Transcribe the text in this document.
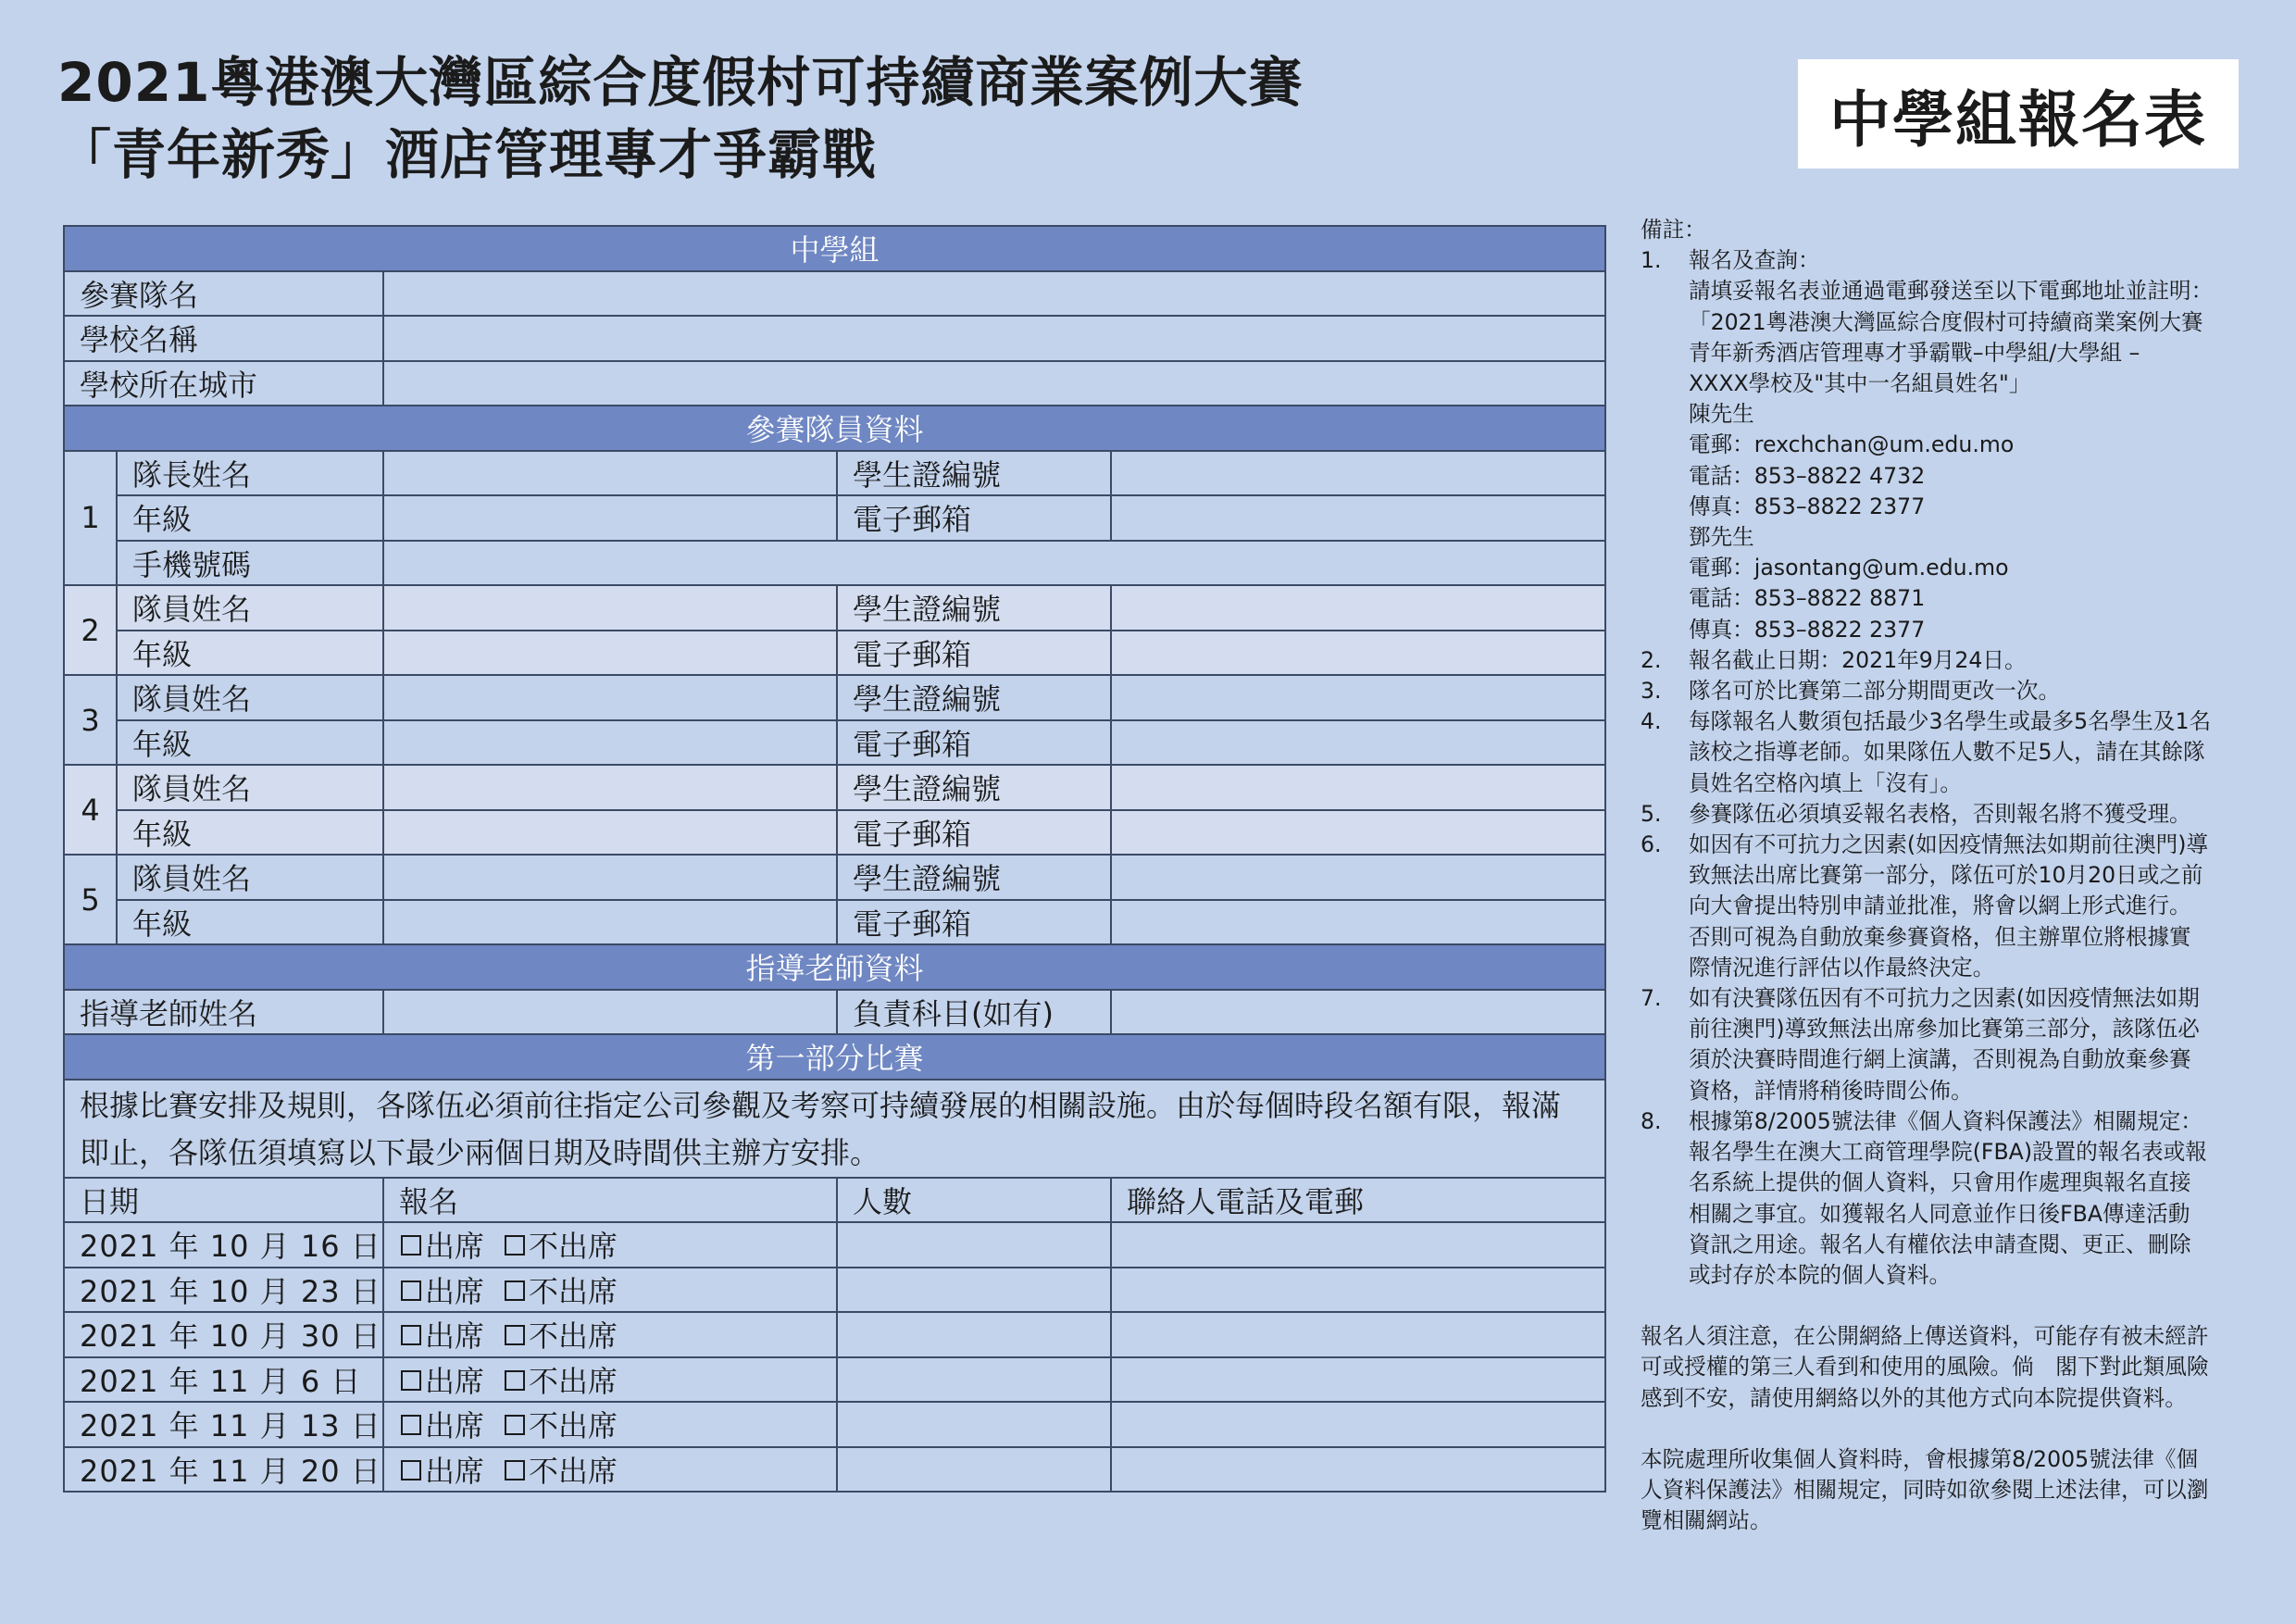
2021粵港澳大灣區綜合度假村可持續商業案例大賽
「青年新秀」酒店管理專才爭霸戰	中學組報名表
中學組				
參賽隊名				
學校名稱				
學校所在城市				
參賽隊員資料				
1	隊長姓名		學生證編號	
	年級		電子郵箱	
	手機號碼			
2	隊員姓名		學生證編號	
	年級		電子郵箱	
3	隊員姓名		學生證編號	
	年級		電子郵箱	
4	隊員姓名		學生證編號	
	年級		電子郵箱	
5	隊員姓名		學生證編號	
	年級		電子郵箱	
指導老師資料				
指導老師姓名			負責科目(如有)	
第一部分比賽				
根據比賽安排及規則，各隊伍必須前往指定公司參觀及考察可持續發展的相關設施。由於每個時段名額有限，報滿即止，各隊伍須填寫以下最少兩個日期及時間供主辦方安排。				
日期		報名	人數	聯絡人電話及電郵
2021 年 10 月 16 日		出席 不出席		
2021 年 10 月 23 日		出席 不出席		
2021 年 10 月 30 日		出席 不出席		
2021 年 11 月 6 日		出席 不出席		
2021 年 11 月 13 日		出席 不出席		
2021 年 11 月 20 日		出席 不出席		
備註：
1.	報名及查詢：
請填妥報名表並通過電郵發送至以下電郵地址並註明：
「2021粵港澳大灣區綜合度假村可持續商業案例大賽
青年新秀酒店管理專才爭霸戰–中學組/大學組 –
XXXX學校及"其中一名組員姓名"」
陳先生
電郵：rexchchan@um.edu.mo
電話：853–8822 4732
傳真：853–8822 2377
鄧先生
電郵：jasontang@um.edu.mo
電話：853–8822 8871
傳真：853–8822 2377
2.	報名截止日期：2021年9月24日。
3.	隊名可於比賽第二部分期間更改一次。
4.	每隊報名人數須包括最少3名學生或最多5名學生及1名
該校之指導老師。如果隊伍人數不足5人，請在其餘隊
員姓名空格內填上「沒有」。
5.	參賽隊伍必須填妥報名表格，否則報名將不獲受理。
6.	如因有不可抗力之因素(如因疫情無法如期前往澳門)導
致無法出席比賽第一部分，隊伍可於10月20日或之前
向大會提出特別申請並批准，將會以網上形式進行。
否則可視為自動放棄參賽資格，但主辦單位將根據實
際情況進行評估以作最終決定。
7.	如有決賽隊伍因有不可抗力之因素(如因疫情無法如期
前往澳門)導致無法出席參加比賽第三部分，該隊伍必
須於決賽時間進行網上演講，否則視為自動放棄參賽
資格，詳情將稍後時間公佈。
8.	根據第8/2005號法律《個人資料保護法》相關規定：
報名學生在澳大工商管理學院(FBA)設置的報名表或報
名系統上提供的個人資料，只會用作處理與報名直接
相關之事宜。如獲報名人同意並作日後FBA傳達活動
資訊之用途。報名人有權依法申請查閱、更正、刪除
或封存於本院的個人資料。

報名人須注意，在公開網絡上傳送資料，可能存有被未經許
可或授權的第三人看到和使用的風險。倘　閣下對此類風險
感到不安，請使用網絡以外的其他方式向本院提供資料。

本院處理所收集個人資料時，會根據第8/2005號法律《個
人資料保護法》相關規定，同時如欲參閱上述法律，可以瀏
覽相關網站。
